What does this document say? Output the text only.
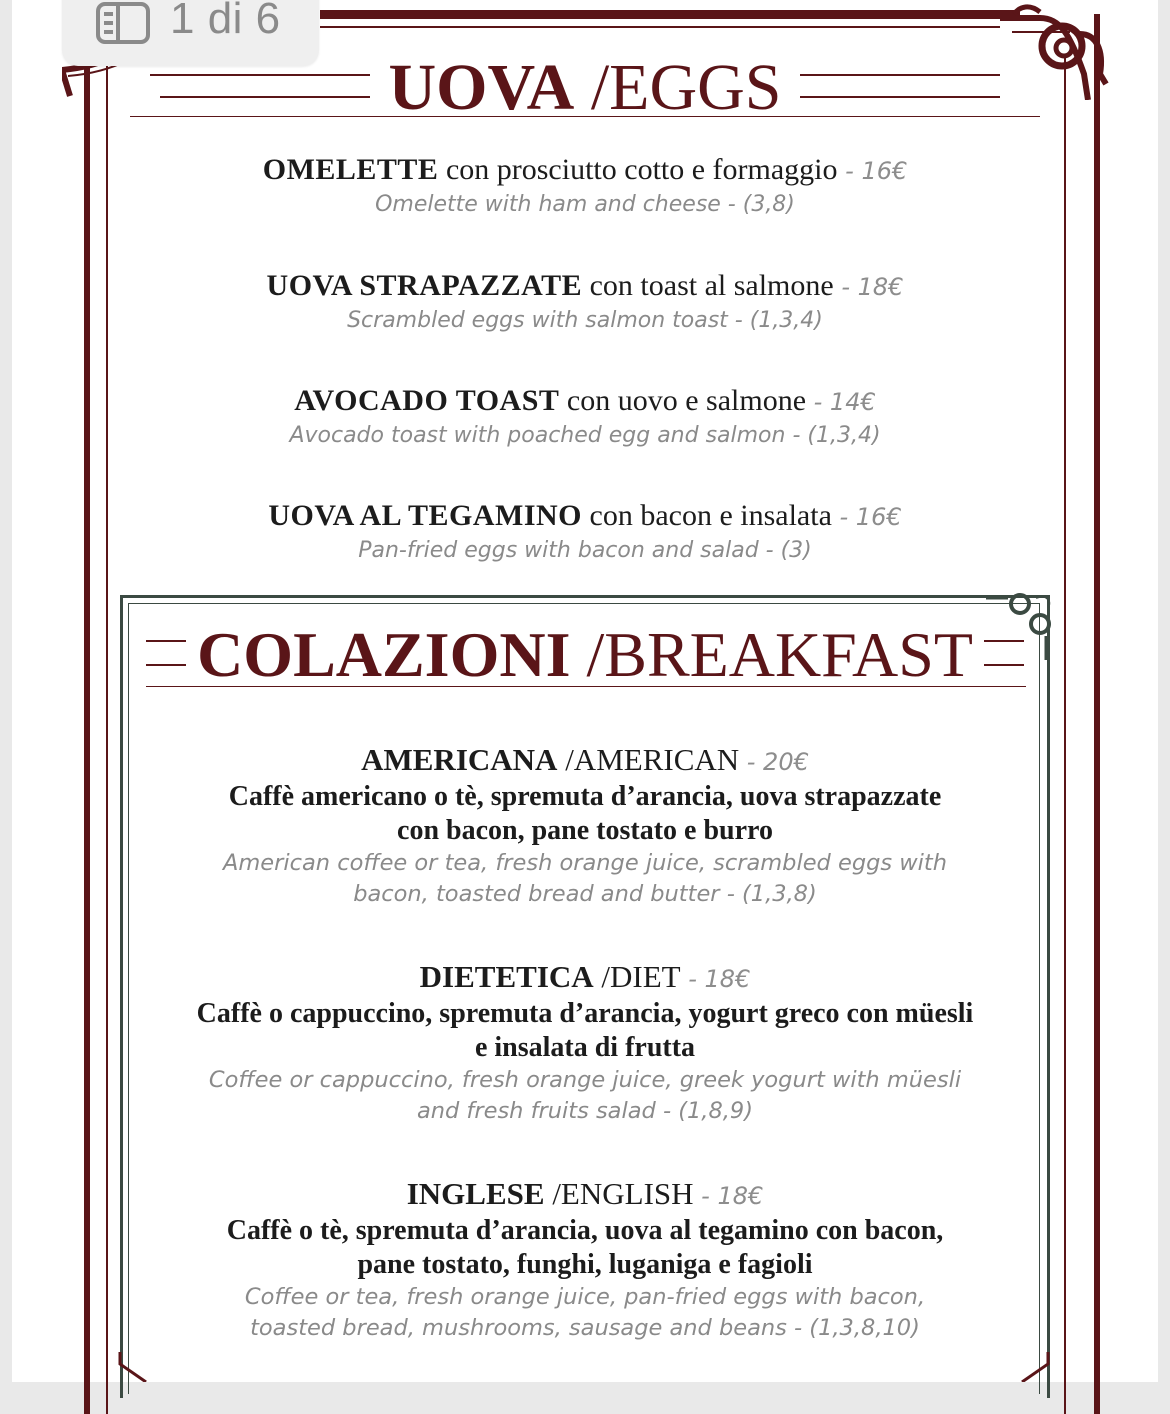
1 di 6
UOVA /EGGS
OMELETTE con prosciutto cotto e formaggio - 16€
Omelette with ham and cheese - (3,8)
UOVA STRAPAZZATE con toast al salmone - 18€
Scrambled eggs with salmon toast - (1,3,4)
AVOCADO TOAST con uovo e salmone - 14€
Avocado toast with poached egg and salmon - (1,3,4)
UOVA AL TEGAMINO con bacon e insalata - 16€
Pan-fried eggs with bacon and salad - (3)
COLAZIONI /BREAKFAST
AMERICANA /AMERICAN - 20€
Caffè americano o tè, spremuta d’arancia, uova strapazzate
con bacon, pane tostato e burro
American coffee or tea, fresh orange juice, scrambled eggs with
bacon, toasted bread and butter - (1,3,8)
DIETETICA /DIET - 18€
Caffè o cappuccino, spremuta d’arancia, yogurt greco con müesli
e insalata di frutta
Coffee or cappuccino, fresh orange juice, greek yogurt with müesli
and fresh fruits salad - (1,8,9)
INGLESE /ENGLISH - 18€
Caffè o tè, spremuta d’arancia, uova al tegamino con bacon,
pane tostato, funghi, luganiga e fagioli
Coffee or tea, fresh orange juice, pan-fried eggs with bacon,
toasted bread, mushrooms, sausage and beans - (1,3,8,10)
